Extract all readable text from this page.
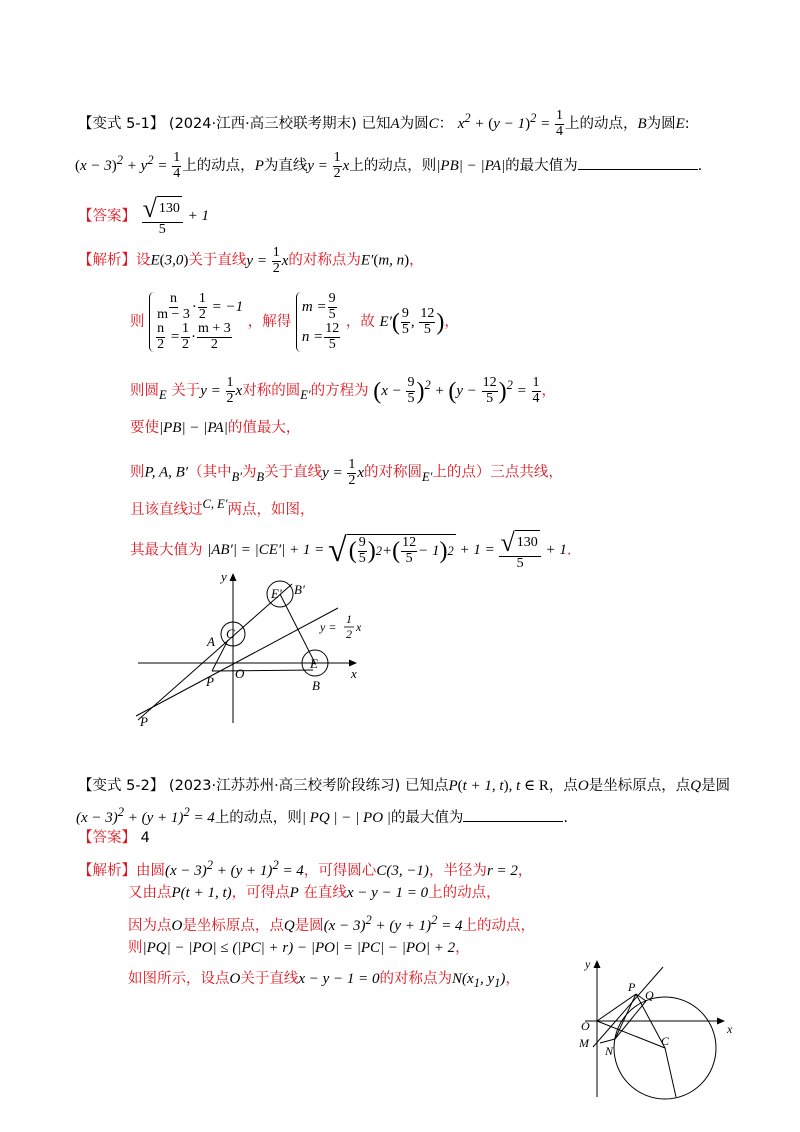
【变式 5-1】 (2024·江西·高三校联考期末) 已知A为圆C： $x^2 + (y - 1)^2 = \frac{1}{4}$ 上的动点，B为圆E:
$(x - 3)^2 + y^2 = \frac{1}{4}$ 上的动点，P为直线$y = \frac{1}{2}$ x上的动点，则|PB| − |PA|的最大值为	.
【答案】 $\frac{√ 130}{5} + 1$
【解析】设E(3,0)关于直线$y = \frac{1}{2}$ x的对称点为E′(m, n)，
则 $\frac{n}{m - 3} \cdot \frac{1}{2} = -1$
$\frac{n}{2} = \frac{1}{2} \cdot \frac{m + 3}{2}$ ，解得
$m = \frac{9}{5}$
$n = \frac{12}{5}$ ，故 $E'( \frac{9}{5}$ , $\frac{12}{5}$ )，
则圆$_E$ 关于$y = \frac{1}{2}$ x对称的圆$_{E'}$的方程为 $(x - \frac{9}{5} )^2 + (y - \frac{12}{5} )^2 = \frac{1}{4}$ ，
要使|PB| − |PA|的值最大，
则P, A, B′（其中$_{B'}$为$_B$关于直线$y = \frac{1}{2}$ x的对称圆$_{E'}$上的点）三点共线，
且该直线过$^{C, E'}$两点，如图，
其最大值为 |AB′| = |CE′| + 1 = √ ( $\frac{9}{5}$ ) 2 + ( $\frac{12}{5} - 1$ ) $2 + 1 = \frac{√ 130}{5} + 1$.
y
x
C
A
O
P
P
E
B
E′ B′
y =
1
2 x
【变式 5-2】 (2023·江苏苏州·高三校考阶段练习) 已知点P(t + 1, t), t ∈ R，点O是坐标原点，点Q是圆
$(x - 3)^2 + (y + 1)^2 = 4$上的动点，则| PQ | − | PO |的最大值为	.
【答案】 4
【解析】由圆$(x - 3)^2 + (y + 1)^2 = 4$，可得圆心C(3, −1)，半径为r = 2，
又由点P(t + 1, t)，可得点P 在直线x − y − 1 = 0上的动点，
因为点O是坐标原点，点Q是圆$(x - 3)^2 + (y + 1)^2 = 4$上的动点，
则|PQ| − |PO| ≤ (|PC| + r) − |PO| = |PC| − |PO| + 2，
如图所示，设点O关于直线x − y − 1 = 0的对称点为$N(x_1$, $y_1$)，
y
x
P
Q
O
M
N
C
